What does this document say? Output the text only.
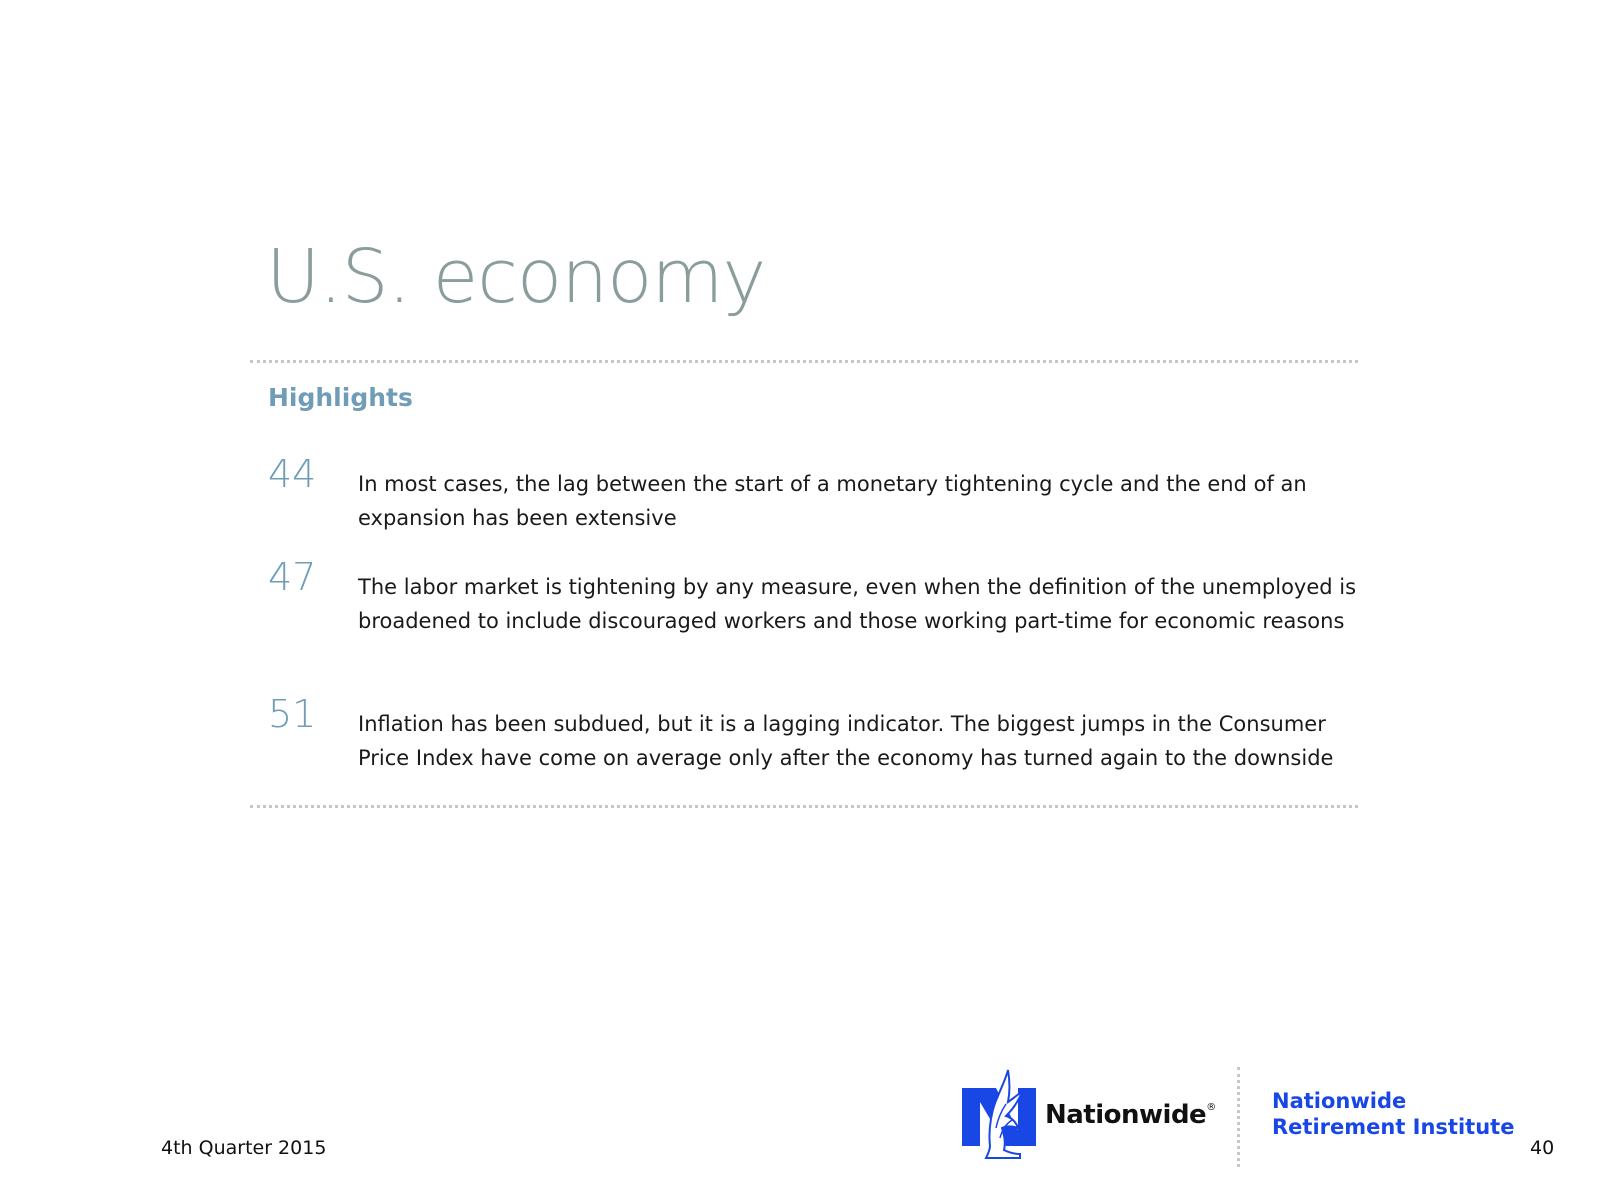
U.S. economy
Highlights
44 In most cases, the lag between the start of a monetary tightening cycle and the end of an expansion has been extensive
47 The labor market is tightening by any measure, even when the definition of the unemployed is broadened to include discouraged workers and those working part-time for economic reasons
51 Inflation has been subdued, but it is a lagging indicator. The biggest jumps in the Consumer Price Index have come on average only after the economy has turned again to the downside
4th Quarter 2015
Nationwide®	Nationwide
Retirement Institute
40
